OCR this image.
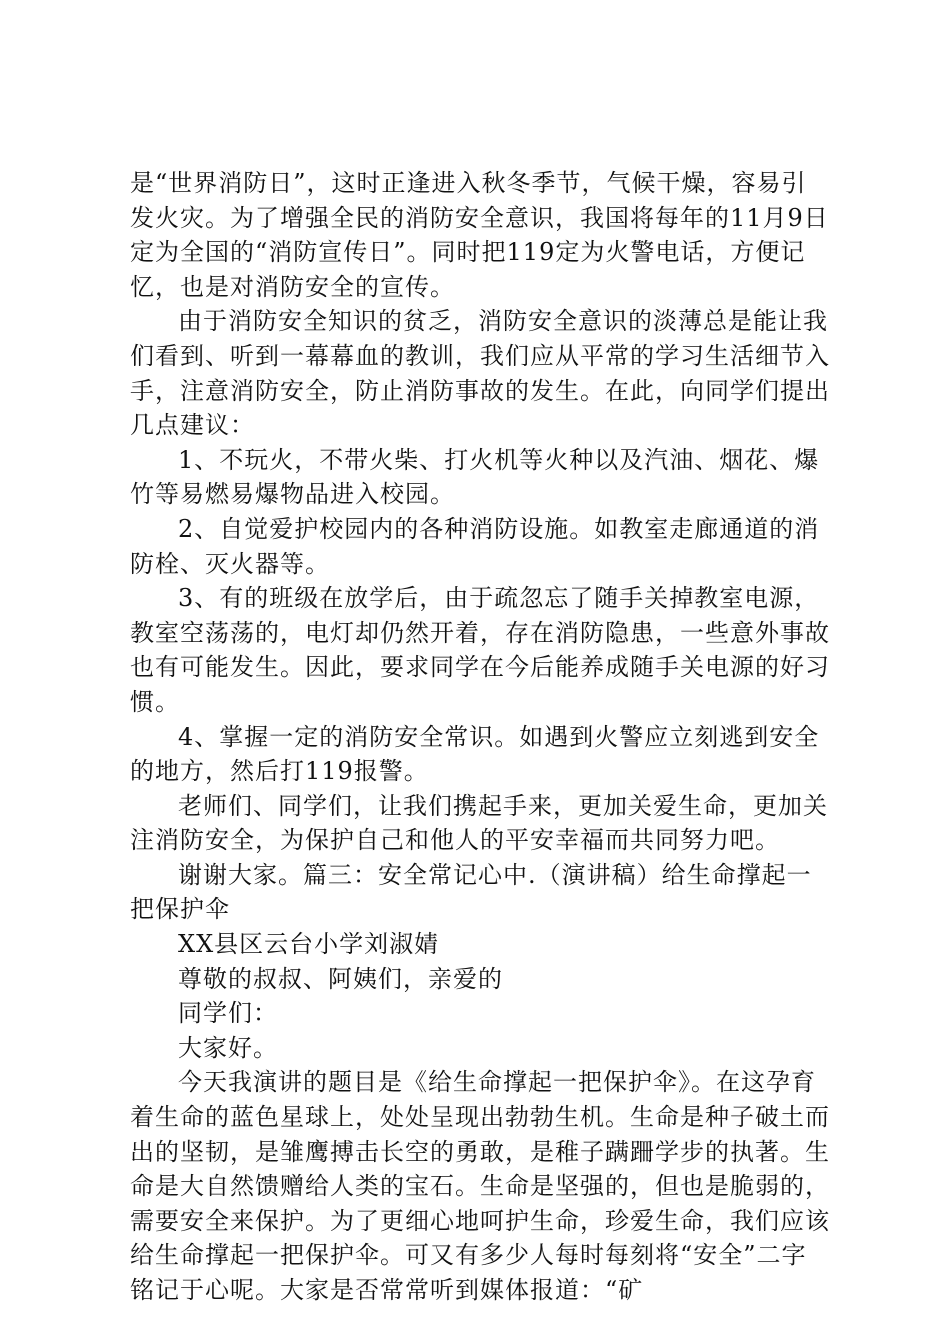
是“世界消防日”，这时正逢进入秋冬季节，气候干燥，容易引发火灾。为了增强全民的消防安全意识，我国将每年的11月9日定为全国的“消防宣传日”。同时把119定为火警电话，方便记忆，也是对消防安全的宣传。

由于消防安全知识的贫乏，消防安全意识的淡薄总是能让我们看到、听到一幕幕血的教训，我们应从平常的学习生活细节入手，注意消防安全，防止消防事故的发生。在此，向同学们提出几点建议：

1、不玩火，不带火柴、打火机等火种以及汽油、烟花、爆竹等易燃易爆物品进入校园。

2、自觉爱护校园内的各种消防设施。如教室走廊通道的消防栓、灭火器等。

3、有的班级在放学后，由于疏忽忘了随手关掉教室电源，教室空荡荡的，电灯却仍然开着，存在消防隐患，一些意外事故也有可能发生。因此，要求同学在今后能养成随手关电源的好习惯。

4、掌握一定的消防安全常识。如遇到火警应立刻逃到安全的地方，然后打119报警。

老师们、同学们，让我们携起手来，更加关爱生命，更加关注消防安全，为保护自己和他人的平安幸福而共同努力吧。

谢谢大家。篇三：安全常记心中.（演讲稿）给生命撑起一把保护伞

XX县区云台小学刘淑婧

尊敬的叔叔、阿姨们，亲爱的

同学们：

大家好。

今天我演讲的题目是《给生命撑起一把保护伞》。在这孕育着生命的蓝色星球上，处处呈现出勃勃生机。生命是种子破土而出的坚韧，是雏鹰搏击长空的勇敢，是稚子蹒跚学步的执著。生命是大自然馈赠给人类的宝石。生命是坚强的，但也是脆弱的，需要安全来保护。为了更细心地呵护生命，珍爱生命，我们应该给生命撑起一把保护伞。可又有多少人每时每刻将“安全”二字铭记于心呢。大家是否常常听到媒体报道：“矿
